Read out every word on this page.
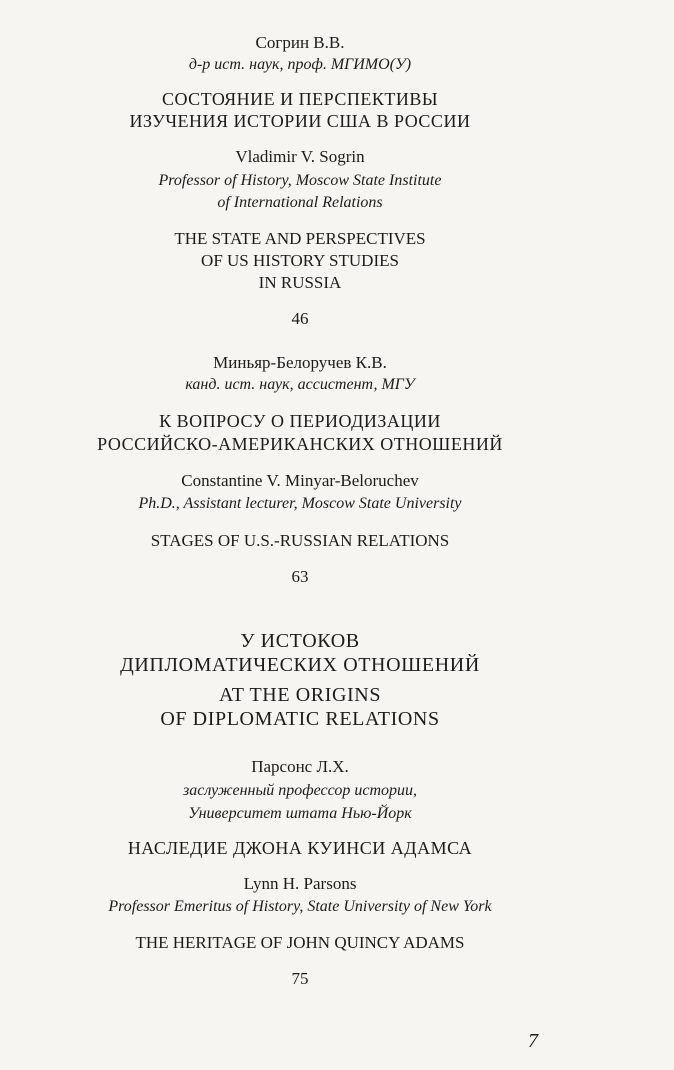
Согрин В.В.
д-р ист. наук, проф. МГИМО(У)
СОСТОЯНИЕ И ПЕРСПЕКТИВЫ
ИЗУЧЕНИЯ ИСТОРИИ США В РОССИИ
Vladimir V. Sogrin
Professor of History, Moscow State Institute
of International Relations
THE STATE AND PERSPECTIVES
OF US HISTORY STUDIES
IN RUSSIA
46
Миньяр-Белоручев К.В.
канд. ист. наук, ассистент, МГУ
К ВОПРОСУ О ПЕРИОДИЗАЦИИ
РОССИЙСКО-АМЕРИКАНСКИХ ОТНОШЕНИЙ
Constantine V. Minyar-Beloruchev
Ph.D., Assistant lecturer, Moscow State University
STAGES OF U.S.-RUSSIAN RELATIONS
63
У ИСТОКОВ
ДИПЛОМАТИЧЕСКИХ ОТНОШЕНИЙ
AT THE ORIGINS
OF DIPLOMATIC RELATIONS
Парсонс Л.Х.
заслуженный профессор истории,
Университет штата Нью-Йорк
НАСЛЕДИЕ ДЖОНА КУИНСИ АДАМСА
Lynn H. Parsons
Professor Emeritus of History, State University of New York
THE HERITAGE OF JOHN QUINCY ADAMS
75
7
